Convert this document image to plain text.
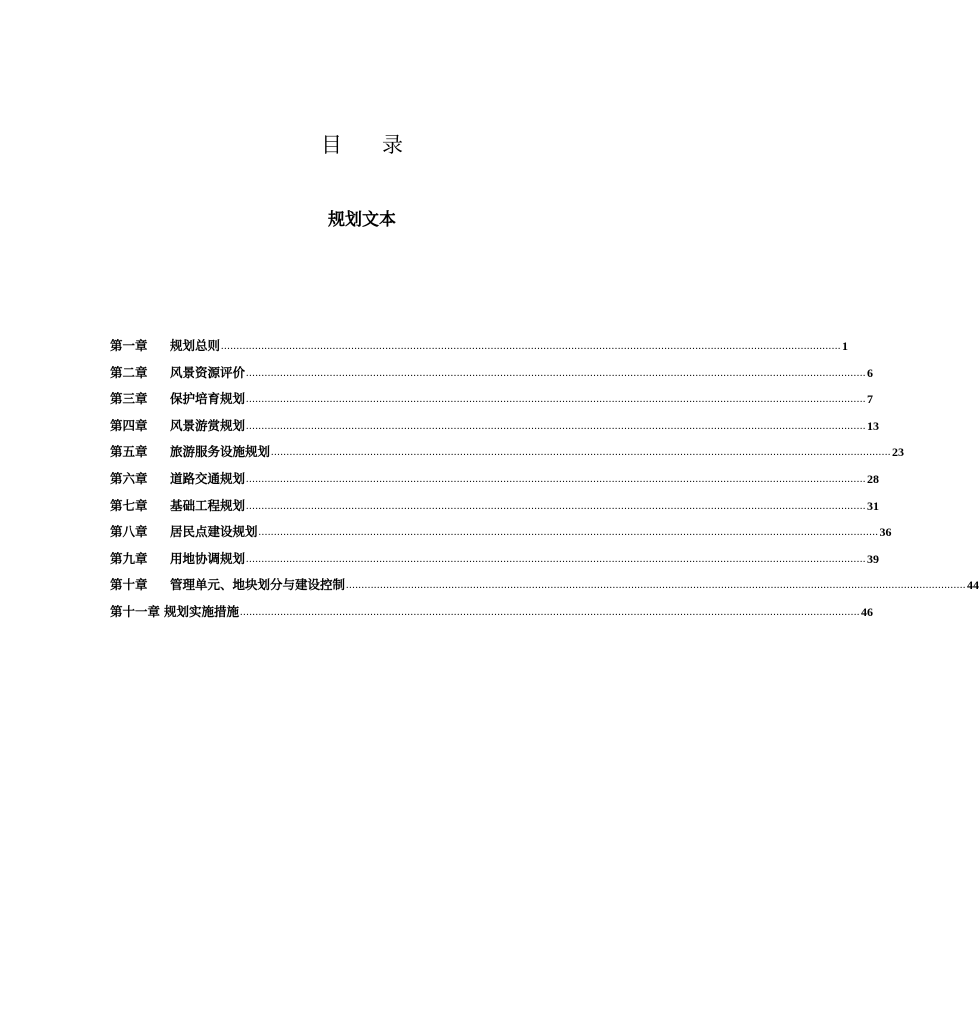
目录
规划文本
第一章	规划总则 ........................................................................................................................................................................................................ 1
第二章	风景资源评价 ........................................................................................................................................................................................................ 6
第三章	保护培育规划 ........................................................................................................................................................................................................ 7
第四章	风景游赏规划 ........................................................................................................................................................................................................ 13
第五章	旅游服务设施规划 ........................................................................................................................................................................................................ 23
第六章	道路交通规划 ........................................................................................................................................................................................................ 28
第七章	基础工程规划 ........................................................................................................................................................................................................ 31
第八章	居民点建设规划 ........................................................................................................................................................................................................ 36
第九章	用地协调规划 ........................................................................................................................................................................................................ 39
第十章	管理单元、地块划分与建设控制 ........................................................................................................................................................................................................ 44
第十一章 规划实施措施 ........................................................................................................................................................................................................ 46
